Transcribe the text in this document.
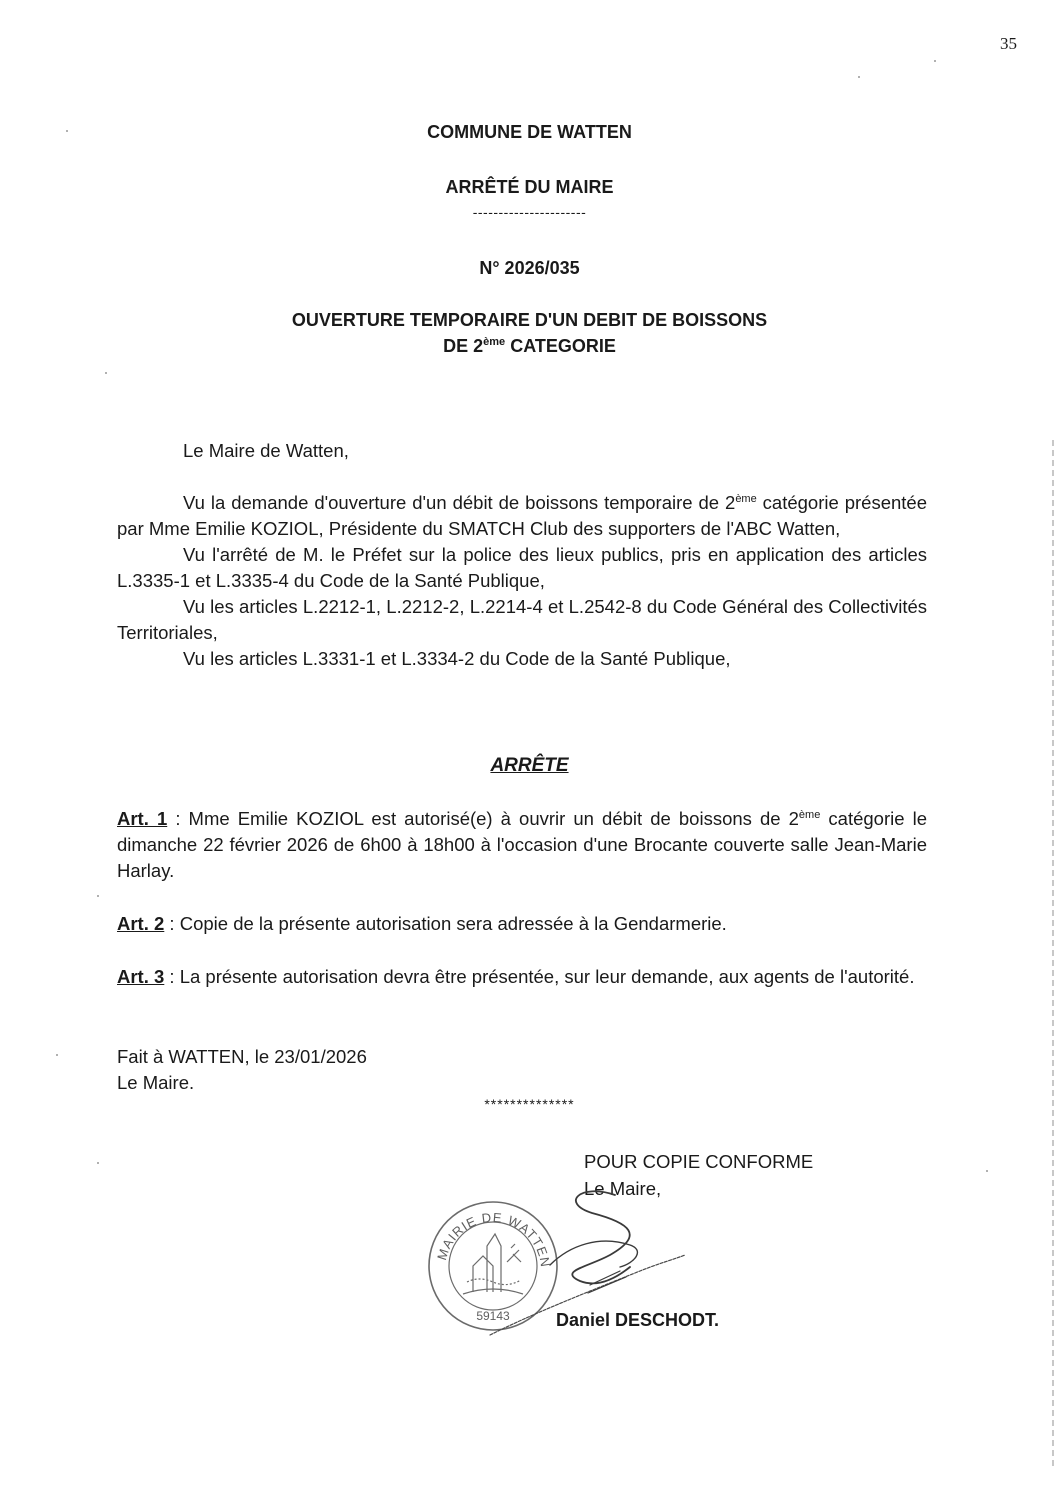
35
COMMUNE DE WATTEN
ARRÊTÉ DU MAIRE
----------------------
N° 2026/035
OUVERTURE TEMPORAIRE D'UN DEBIT DE BOISSONS
DE 2ème CATEGORIE
Le Maire de Watten,
Vu la demande d'ouverture d'un débit de boissons temporaire de 2ème catégorie présentée par Mme Emilie KOZIOL, Présidente du SMATCH Club des supporters de l'ABC Watten,
Vu l'arrêté de M. le Préfet sur la police des lieux publics, pris en application des articles L.3335-1 et L.3335-4 du Code de la Santé Publique,
Vu les articles L.2212-1, L.2212-2, L.2214-4 et L.2542-8 du Code Général des Collectivités Territoriales,
Vu les articles L.3331-1 et L.3334-2 du Code de la Santé Publique,
ARRÊTE
Art. 1 : Mme Emilie KOZIOL est autorisé(e) à ouvrir un débit de boissons de 2ème catégorie le dimanche 22 février 2026 de 6h00 à 18h00 à l'occasion d'une Brocante couverte salle Jean-Marie Harlay.
Art. 2 : Copie de la présente autorisation sera adressée à la Gendarmerie.
Art. 3 : La présente autorisation devra être présentée, sur leur demande, aux agents de l'autorité.
Fait à WATTEN, le 23/01/2026
Le Maire.
**************
POUR COPIE CONFORME
Le Maire,
MAIRIE DE WATTEN
59143	Daniel DESCHODT.
